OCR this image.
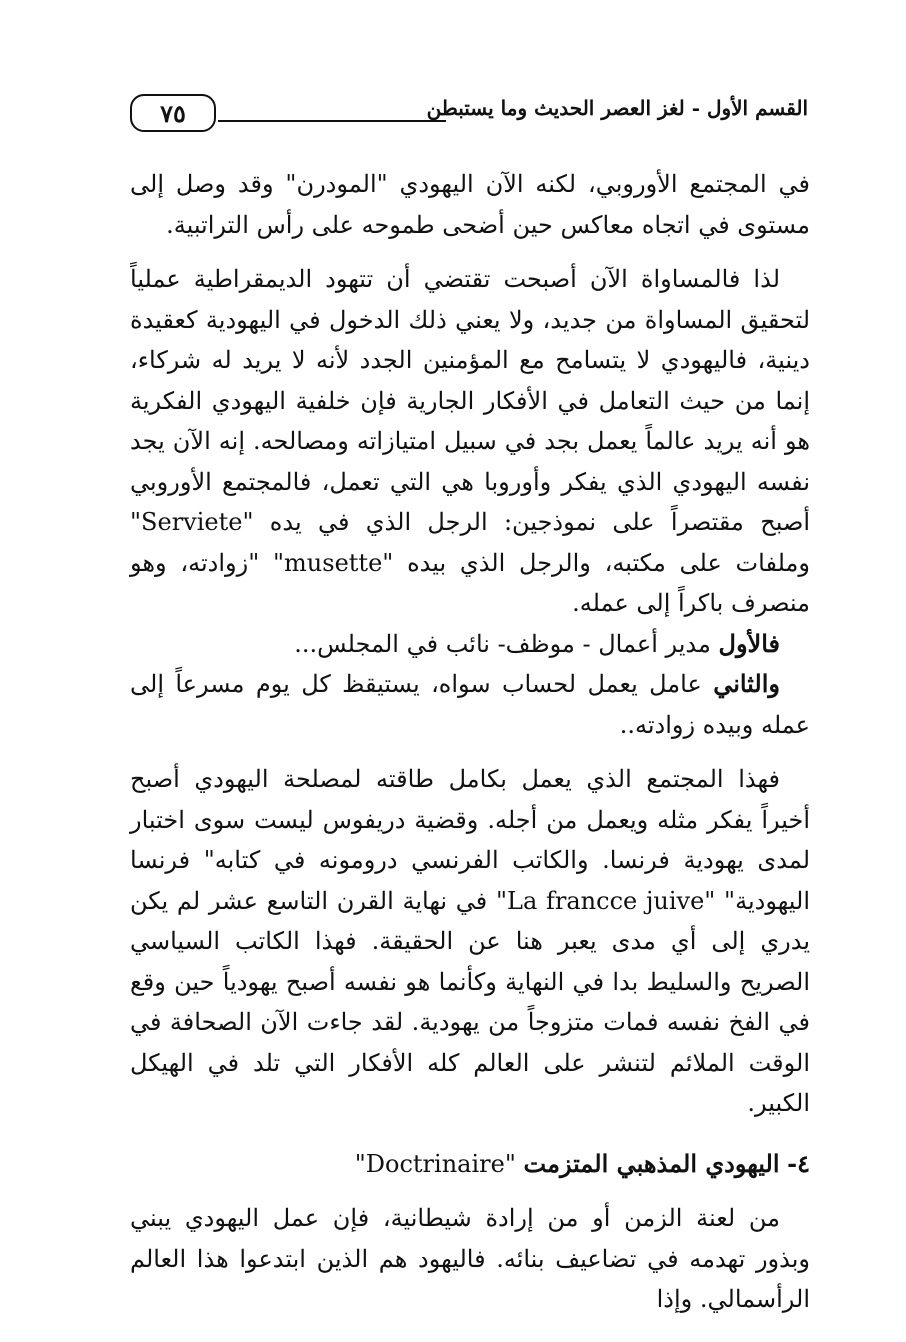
٧٥	القسم الأول - لغز العصر الحديث وما يستبطن

في المجتمع الأوروبي، لكنه الآن اليهودي "المودرن" وقد وصل إلى مستوى في اتجاه معاكس حين أضحى طموحه على رأس التراتبية.

لذا فالمساواة الآن أصبحت تقتضي أن تتهود الديمقراطية عملياً لتحقيق المساواة من جديد، ولا يعني ذلك الدخول في اليهودية كعقيدة دينية، فاليهودي لا يتسامح مع المؤمنين الجدد لأنه لا يريد له شركاء، إنما من حيث التعامل في الأفكار الجارية فإن خلفية اليهودي الفكرية هو أنه يريد عالماً يعمل بجد في سبيل امتيازاته ومصالحه. إنه الآن يجد نفسه اليهودي الذي يفكر وأوروبا هي التي تعمل، فالمجتمع الأوروبي أصبح مقتصراً على نموذجين: الرجل الذي في يده "Serviete" وملفات على مكتبه، والرجل الذي بيده "musette" "زوادته، وهو منصرف باكراً إلى عمله.

فالأول مدير أعمال - موظف- نائب في المجلس...

والثاني عامل يعمل لحساب سواه، يستيقظ كل يوم مسرعاً إلى عمله وبيده زوادته..

فهذا المجتمع الذي يعمل بكامل طاقته لمصلحة اليهودي أصبح أخيراً يفكر مثله ويعمل من أجله. وقضية دريفوس ليست سوى اختبار لمدى يهودية فرنسا. والكاتب الفرنسي درومونه في كتابه" فرنسا اليهودية" "La francce juive" في نهاية القرن التاسع عشر لم يكن يدري إلى أي مدى يعبر هنا عن الحقيقة. فهذا الكاتب السياسي الصريح والسليط بدا في النهاية وكأنما هو نفسه أصبح يهودياً حين وقع في الفخ نفسه فمات متزوجاً من يهودية. لقد جاءت الآن الصحافة في الوقت الملائم لتنشر على العالم كله الأفكار التي تلد في الهيكل الكبير.

٤- اليهودي المذهبي المتزمت "Doctrinaire"

من لعنة الزمن أو من إرادة شيطانية، فإن عمل اليهودي يبني وبذور تهدمه في تضاعيف بنائه. فاليهود هم الذين ابتدعوا هذا العالم الرأسمالي. وإذا
